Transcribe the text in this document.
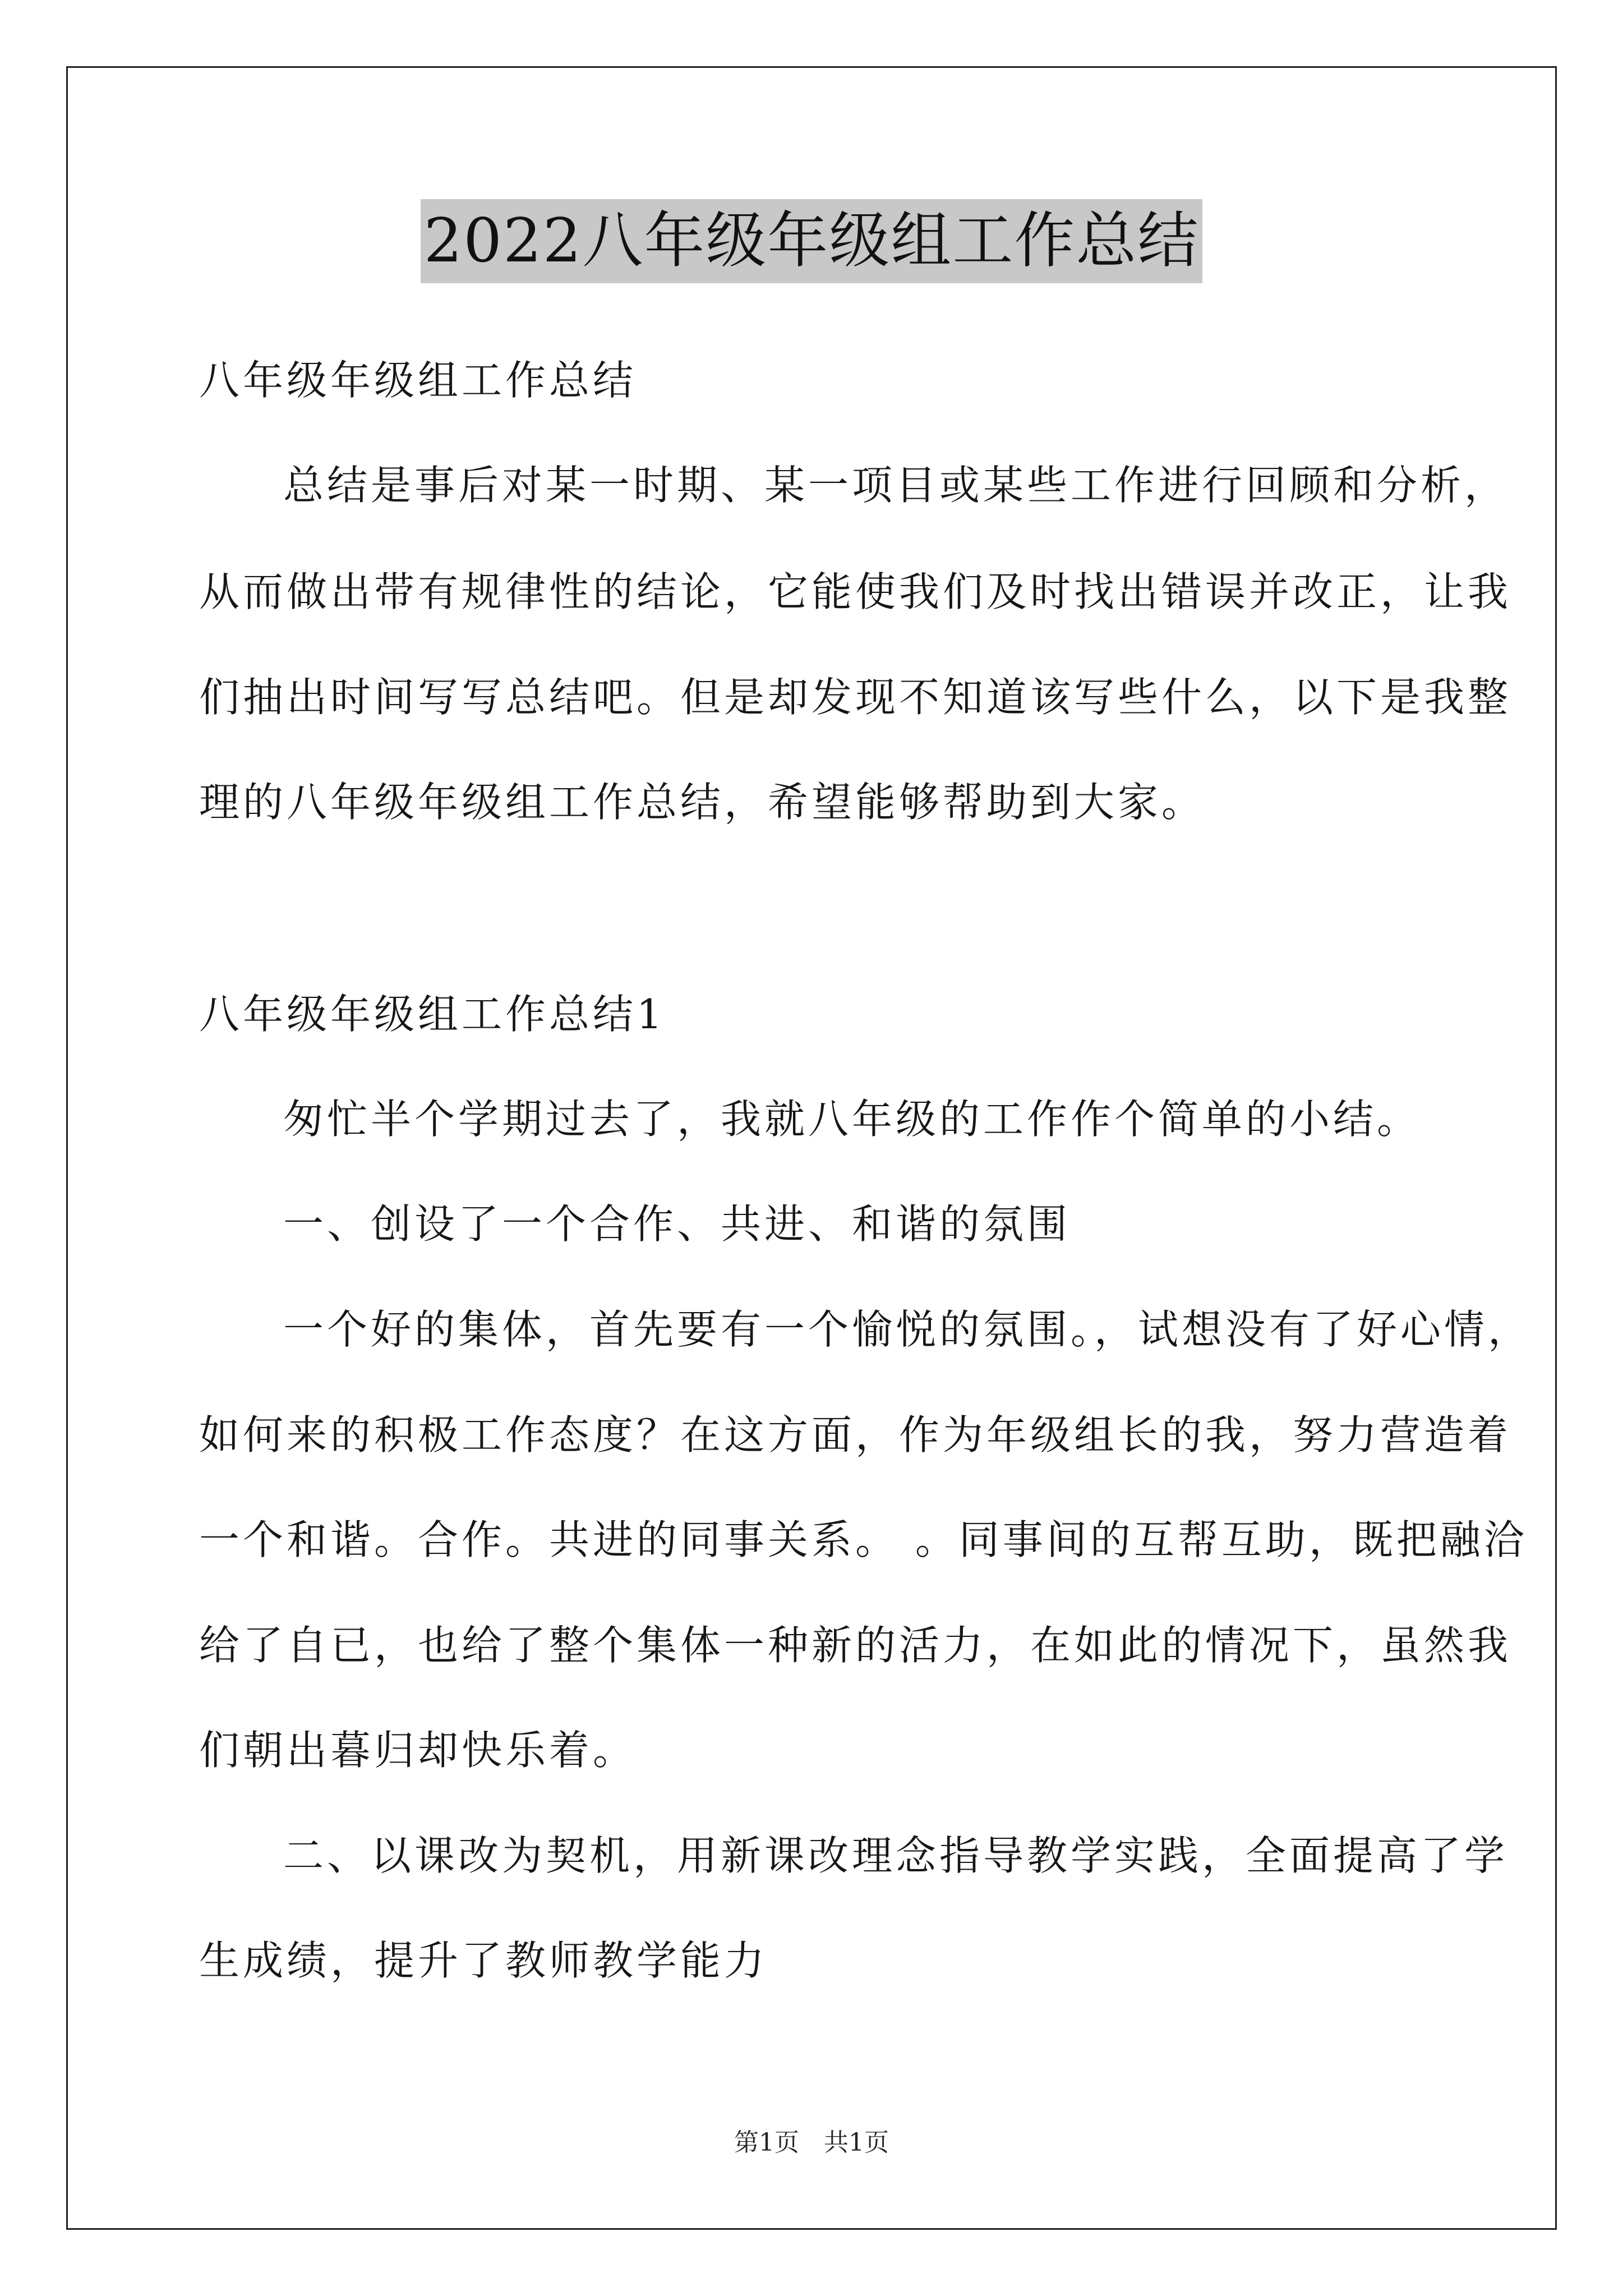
2022八年级年级组工作总结
八年级年级组工作总结
总结是事后对某一时期、某一项目或某些工作进行回顾和分析，
从而做出带有规律性的结论，它能使我们及时找出错误并改正，让我
们抽出时间写写总结吧。但是却发现不知道该写些什么，以下是我整
理的八年级年级组工作总结，希望能够帮助到大家。
八年级年级组工作总结1
匆忙半个学期过去了，我就八年级的工作作个简单的小结。
一、创设了一个合作、共进、和谐的氛围
一个好的集体，首先要有一个愉悦的氛围。，试想没有了好心情，
如何来的积极工作态度？在这方面，作为年级组长的我，努力营造着
一个和谐。合作。共进的同事关系。 。同事间的互帮互助，既把融洽
给了自已，也给了整个集体一种新的活力，在如此的情况下，虽然我
们朝出暮归却快乐着。
二、以课改为契机，用新课改理念指导教学实践，全面提高了学
生成绩，提升了教师教学能力
第1页　共1页
